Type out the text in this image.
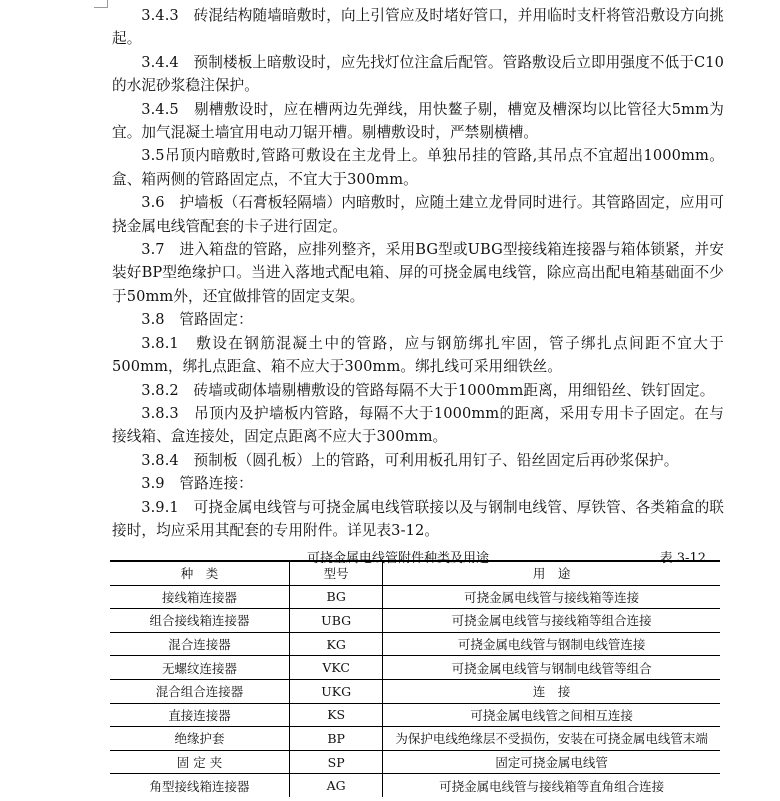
3.4.3　砖混结构随墙暗敷时，向上引管应及时堵好管口，并用临时支杆将管沿敷设方向挑起。

3.4.4　预制楼板上暗敷设时，应先找灯位注盒后配管。管路敷设后立即用强度不低于C10的水泥砂浆稳注保护。

3.4.5　剔槽敷设时，应在槽两边先弹线，用快鳌子剔，槽宽及槽深均以比管径大5mm为宜。加气混凝土墙宜用电动刀锯开槽。剔槽敷设时，严禁剔横槽。

3.5吊顶内暗敷时,管路可敷设在主龙骨上。单独吊挂的管路,其吊点不宜超出1000mm。盒、箱两侧的管路固定点，不宜大于300mm。

3.6　护墙板（石膏板轻隔墙）内暗敷时，应随土建立龙骨同时进行。其管路固定，应用可挠金属电线管配套的卡子进行固定。

3.7　进入箱盘的管路，应排列整齐，采用BG型或UBG型接线箱连接器与箱体锁紧，并安装好BP型绝缘护口。当进入落地式配电箱、屏的可挠金属电线管，除应高出配电箱基础面不少于50mm外，还宜做排管的固定支架。

3.8　管路固定：

3.8.1　敷设在钢筋混凝土中的管路，应与钢筋绑扎牢固，管子绑扎点间距不宜大于500mm，绑扎点距盒、箱不应大于300mm。绑扎线可采用细铁丝。

3.8.2　砖墙或砌体墙剔槽敷设的管路每隔不大于1000mm距离，用细铅丝、铁钉固定。

3.8.3　吊顶内及护墙板内管路，每隔不大于1000mm的距离，采用专用卡子固定。在与接线箱、盒连接处，固定点距离不应大于300mm。

3.8.4　预制板（圆孔板）上的管路，可利用板孔用钉子、铅丝固定后再砂浆保护。

3.9　管路连接：

3.9.1　可挠金属电线管与可挠金属电线管联接以及与钢制电线管、厚铁管、各类箱盒的联接时，均应采用其配套的专用附件。详见表3-12。

可挠金属电线管附件种类及用途	表 3-12
种　类	型号	用　途
接线箱连接器	BG	可挠金属电线管与接线箱等连接
组合接线箱连接器	UBG	可挠金属电线管与接线箱等组合连接
混合连接器	KG	可挠金属电线管与钢制电线管连接
无螺纹连接器	VKC	可挠金属电线管与钢制电线管等组合
混合组合连接器	UKG	连　接
直接连接器	KS	可挠金属电线管之间相互连接
绝缘护套	BP	为保护电线绝缘层不受损伤，安装在可挠金属电线管末端
固 定 夹	SP	固定可挠金属电线管
角型接线箱连接器	AG	可挠金属电线管与接线箱等直角组合连接
